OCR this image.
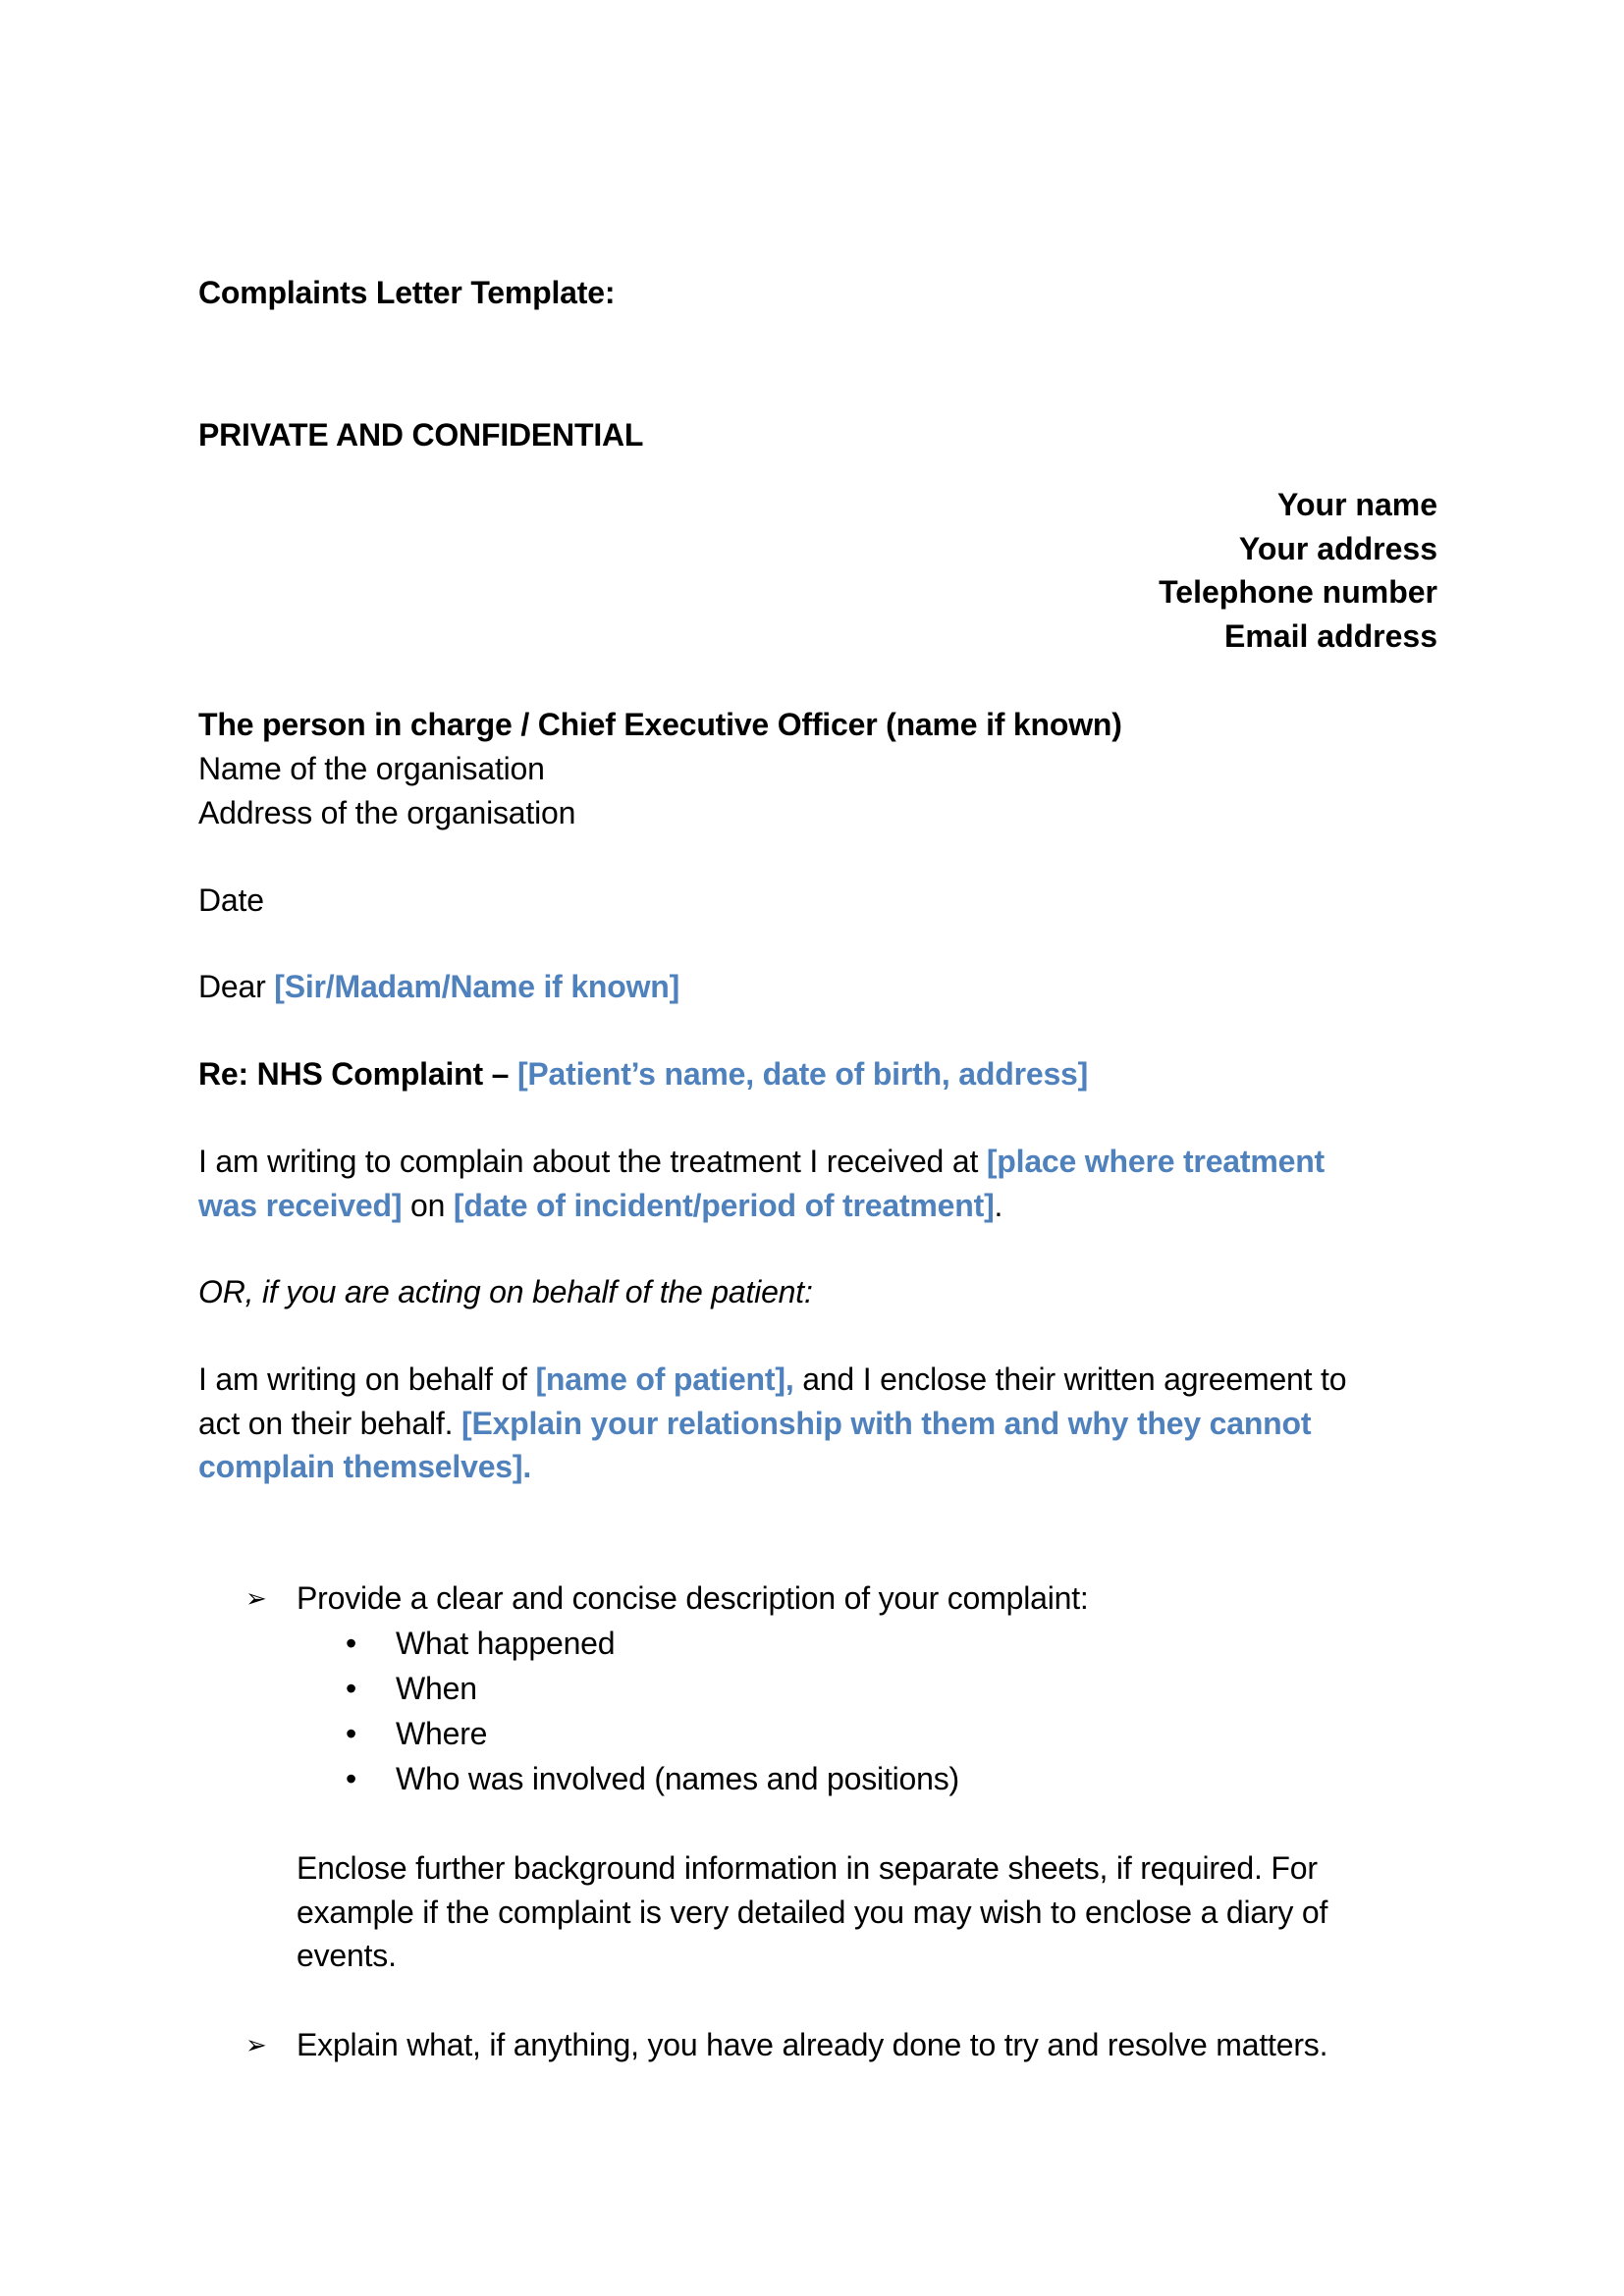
Complaints Letter Template:
PRIVATE AND CONFIDENTIAL
Your name
Your address
Telephone number
Email address
The person in charge / Chief Executive Officer (name if known)
Name of the organisation
Address of the organisation
Date
Dear [Sir/Madam/Name if known]
Re: NHS Complaint – [Patient’s name, date of birth, address]
I am writing to complain about the treatment I received at [place where treatment
was received] on [date of incident/period of treatment].
OR, if you are acting on behalf of the patient:
I am writing on behalf of [name of patient], and I enclose their written agreement to
act on their behalf. [Explain your relationship with them and why they cannot
complain themselves].
➢ Provide a clear and concise description of your complaint:
• What happened
• When
• Where
• Who was involved (names and positions)
Enclose further background information in separate sheets, if required. For
example if the complaint is very detailed you may wish to enclose a diary of
events.
➢ Explain what, if anything, you have already done to try and resolve matters.
